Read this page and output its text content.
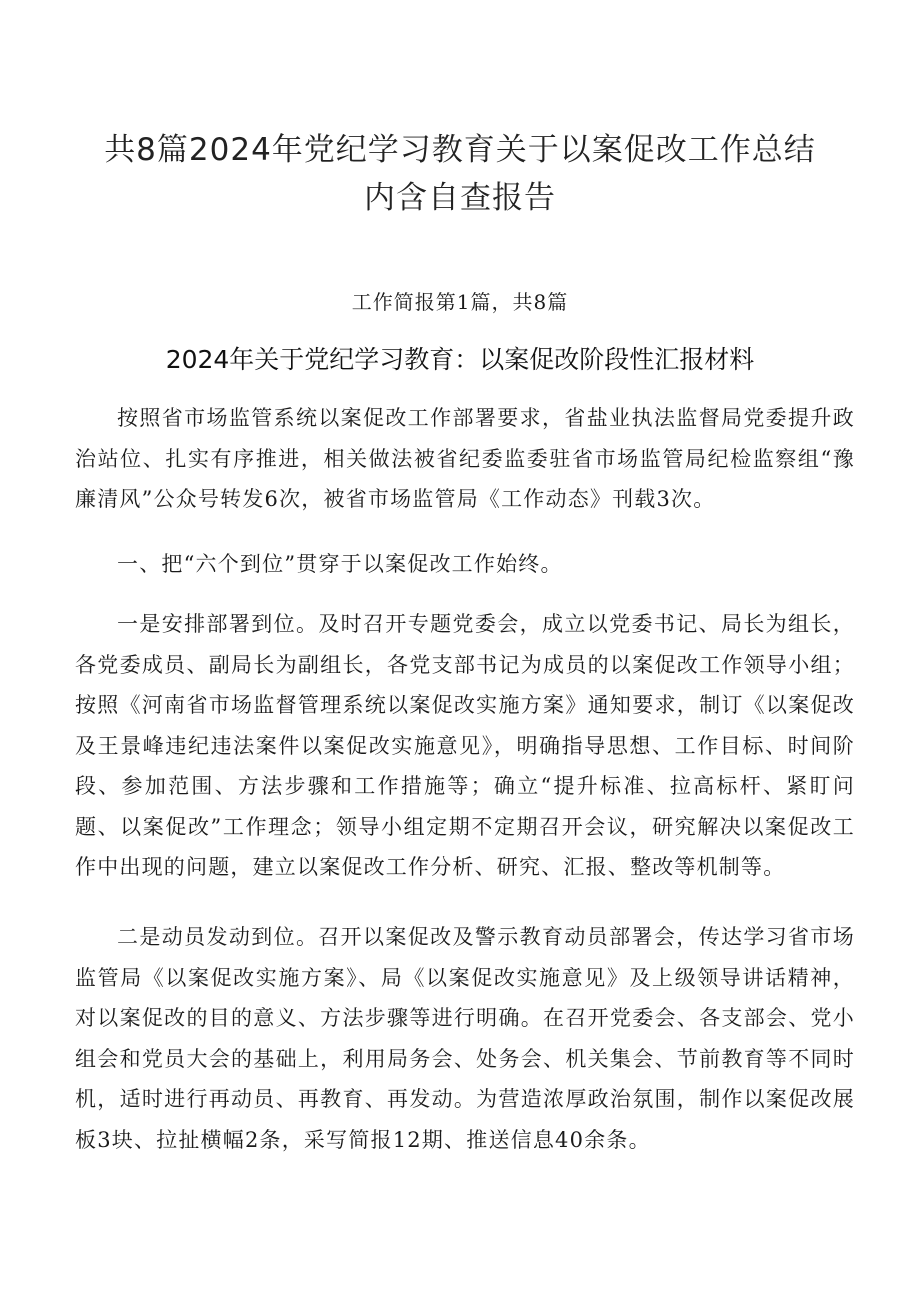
共8篇2024年党纪学习教育关于以案促改工作总结
内含自查报告
工作简报第1篇，共8篇
2024年关于党纪学习教育：以案促改阶段性汇报材料

按照省市场监管系统以案促改工作部署要求，省盐业执法监督局党委提升政治站位、扎实有序推进，相关做法被省纪委监委驻省市场监管局纪检监察组“豫廉清风”公众号转发6次，被省市场监管局《工作动态》刊载3次。

一、把“六个到位”贯穿于以案促改工作始终。

一是安排部署到位。及时召开专题党委会，成立以党委书记、局长为组长，各党委成员、副局长为副组长，各党支部书记为成员的以案促改工作领导小组；按照《河南省市场监督管理系统以案促改实施方案》通知要求，制订《以案促改及王景峰违纪违法案件以案促改实施意见》，明确指导思想、工作目标、时间阶段、参加范围、方法步骤和工作措施等；确立“提升标准、拉高标杆、紧盯问题、以案促改”工作理念；领导小组定期不定期召开会议，研究解决以案促改工作中出现的问题，建立以案促改工作分析、研究、汇报、整改等机制等。

二是动员发动到位。召开以案促改及警示教育动员部署会，传达学习省市场监管局《以案促改实施方案》、局《以案促改实施意见》及上级领导讲话精神，对以案促改的目的意义、方法步骤等进行明确。在召开党委会、各支部会、党小组会和党员大会的基础上，利用局务会、处务会、机关集会、节前教育等不同时机，适时进行再动员、再教育、再发动。为营造浓厚政治氛围，制作以案促改展板3块、拉扯横幅2条，采写简报12期、推送信息40余条。
